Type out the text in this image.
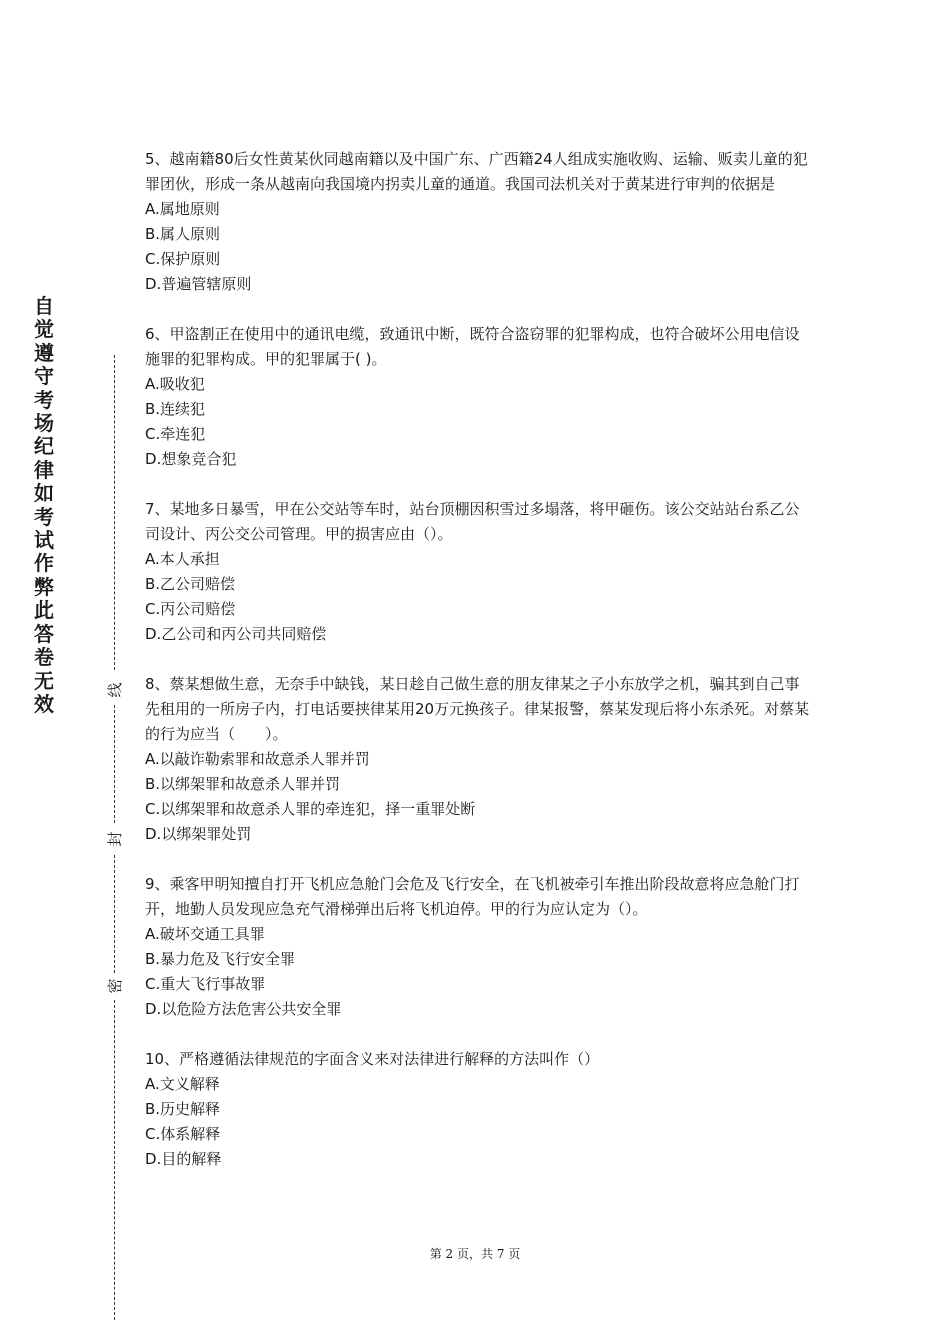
自觉遵守考场纪律如考试作弊此答卷无效
线
封
密

5、越南籍80后女性黄某伙同越南籍以及中国广东、广西籍24人组成实施收购、运输、贩卖儿童的犯罪团伙，形成一条从越南向我国境内拐卖儿童的通道。我国司法机关对于黄某进行审判的依据是

A.属地原则

B.属人原则

C.保护原则

D.普遍管辖原则

6、甲盗割正在使用中的通讯电缆，致通讯中断，既符合盗窃罪的犯罪构成，也符合破坏公用电信设施罪的犯罪构成。甲的犯罪属于( )。

A.吸收犯

B.连续犯

C.牵连犯

D.想象竞合犯

7、某地多日暴雪，甲在公交站等车时，站台顶棚因积雪过多塌落，将甲砸伤。该公交站站台系乙公司设计、丙公交公司管理。甲的损害应由（）。

A.本人承担

B.乙公司赔偿

C.丙公司赔偿

D.乙公司和丙公司共同赔偿

8、蔡某想做生意，无奈手中缺钱，某日趁自己做生意的朋友律某之子小东放学之机，骗其到自己事先租用的一所房子内，打电话要挟律某用20万元换孩子。律某报警，蔡某发现后将小东杀死。对蔡某的行为应当（　　）。

A.以敲诈勒索罪和故意杀人罪并罚

B.以绑架罪和故意杀人罪并罚

C.以绑架罪和故意杀人罪的牵连犯，择一重罪处断

D.以绑架罪处罚

9、乘客甲明知擅自打开飞机应急舱门会危及飞行安全，在飞机被牵引车推出阶段故意将应急舱门打开，地勤人员发现应急充气滑梯弹出后将飞机迫停。甲的行为应认定为（）。

A.破坏交通工具罪

B.暴力危及飞行安全罪

C.重大飞行事故罪

D.以危险方法危害公共安全罪

10、严格遵循法律规范的字面含义来对法律进行解释的方法叫作（）

A.文义解释

B.历史解释

C.体系解释

D.目的解释

第 2 页，共 7 页
